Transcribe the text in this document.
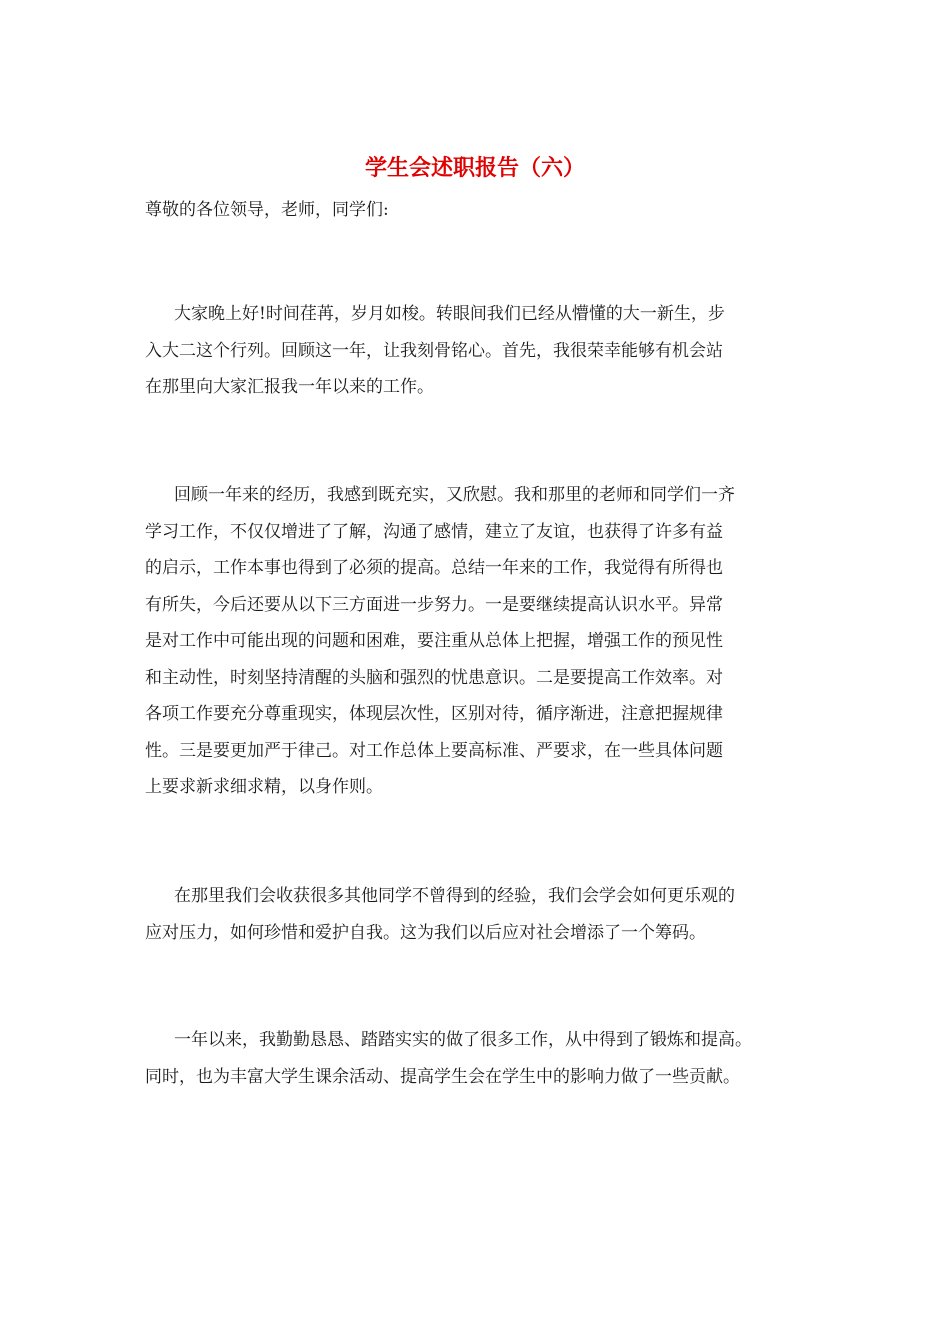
学生会述职报告（六）

尊敬的各位领导，老师，同学们:

大家晚上好!时间荏苒，岁月如梭。转眼间我们已经从懵懂的大一新生，步
入大二这个行列。回顾这一年，让我刻骨铭心。首先，我很荣幸能够有机会站
在那里向大家汇报我一年以来的工作。
回顾一年来的经历，我感到既充实，又欣慰。我和那里的老师和同学们一齐
学习工作，不仅仅增进了了解，沟通了感情，建立了友谊，也获得了许多有益
的启示，工作本事也得到了必须的提高。总结一年来的工作，我觉得有所得也
有所失，今后还要从以下三方面进一步努力。一是要继续提高认识水平。异常
是对工作中可能出现的问题和困难，要注重从总体上把握，增强工作的预见性
和主动性，时刻坚持清醒的头脑和强烈的忧患意识。二是要提高工作效率。对
各项工作要充分尊重现实，体现层次性，区别对待，循序渐进，注意把握规律
性。三是要更加严于律己。对工作总体上要高标准、严要求，在一些具体问题
上要求新求细求精，以身作则。
在那里我们会收获很多其他同学不曾得到的经验，我们会学会如何更乐观的
应对压力，如何珍惜和爱护自我。这为我们以后应对社会增添了一个筹码。
一年以来，我勤勤恳恳、踏踏实实的做了很多工作，从中得到了锻炼和提高。
同时，也为丰富大学生课余活动、提高学生会在学生中的影响力做了一些贡献。
